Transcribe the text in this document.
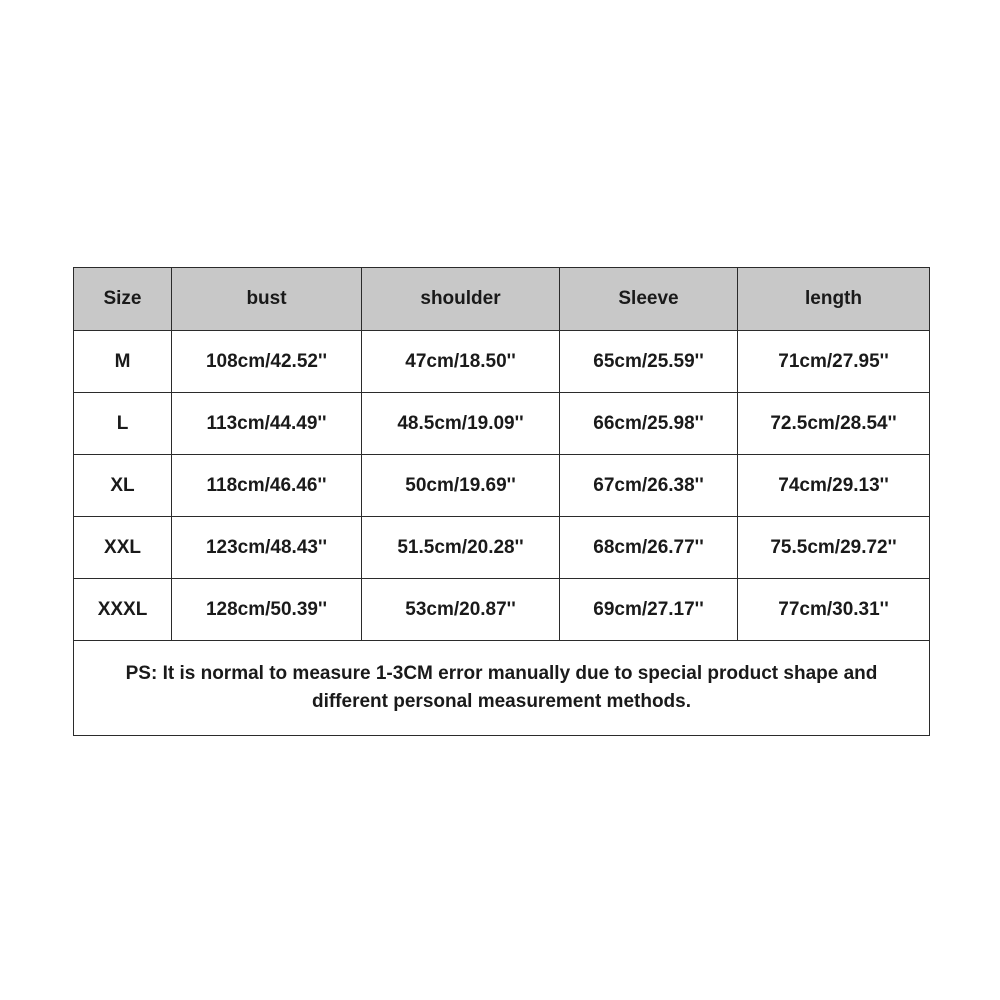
Size	bust	shoulder	Sleeve	length
M	108cm/42.52''	47cm/18.50''	65cm/25.59''	71cm/27.95''
L	113cm/44.49''	48.5cm/19.09''	66cm/25.98''	72.5cm/28.54''
XL	118cm/46.46''	50cm/19.69''	67cm/26.38''	74cm/29.13''
XXL	123cm/48.43''	51.5cm/20.28''	68cm/26.77''	75.5cm/29.72''
XXXL	128cm/50.39''	53cm/20.87''	69cm/27.17''	77cm/30.31''
PS: It is normal to measure 1-3CM error manually due to special product shape and different personal measurement methods.				
